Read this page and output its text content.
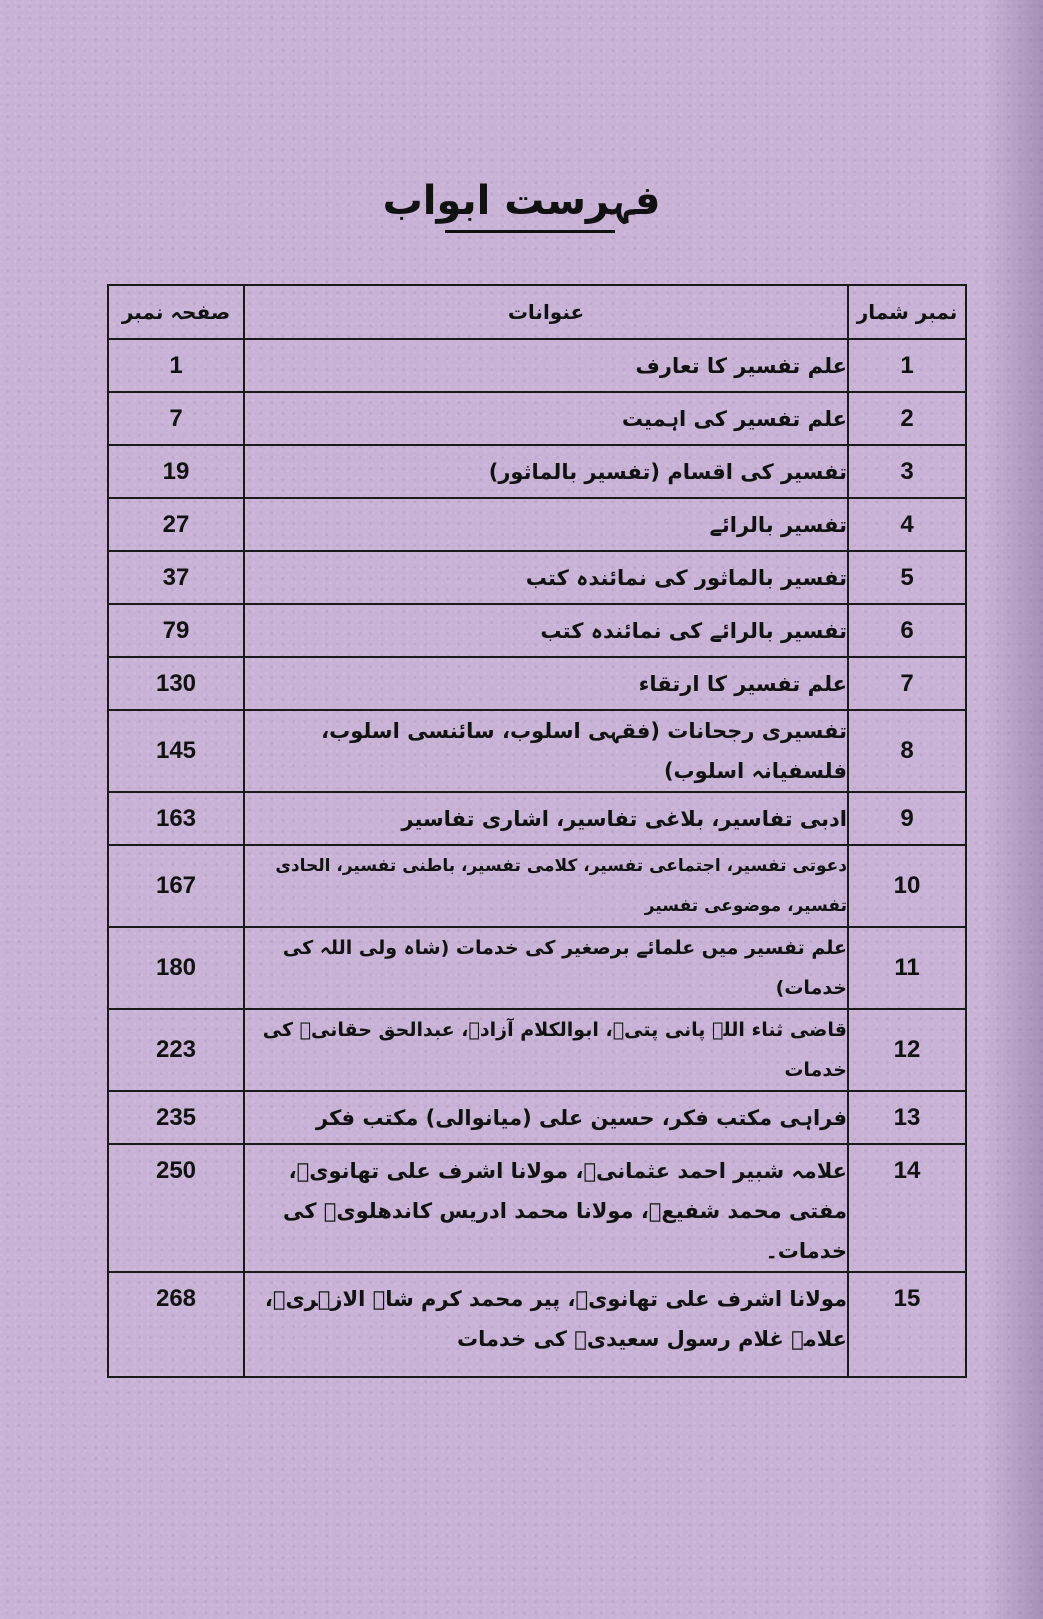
فہرست ابواب
نمبر شمار	عنوانات	صفحہ نمبر
1	علم تفسیر کا تعارف	1
2	علم تفسیر کی اہمیت	7
3	تفسیر کی اقسام (تفسیر بالماثور)	19
4	تفسیر بالرائے	27
5	تفسیر بالماثور کی نمائندہ کتب	37
6	تفسیر بالرائے کی نمائندہ کتب	79
7	علم تفسیر کا ارتقاء	130
8	تفسیری رجحانات (فقہی اسلوب، سائنسی اسلوب، فلسفیانہ اسلوب)	145
9	ادبی تفاسیر، بلاغی تفاسیر، اشاری تفاسیر	163
10	دعوتی تفسیر، اجتماعی تفسیر، کلامی تفسیر، باطنی تفسیر، الحادی تفسیر، موضوعی تفسیر	167
11	علم تفسیر میں علمائے برصغیر کی خدمات (شاہ ولی اللہ کی خدمات)	180
12	قاضی ثناء اللہ پانی پتیؒ، ابوالکلام آزادؒ، عبدالحق حقانیؒ کی خدمات	223
13	فراہی مکتب فکر، حسین علی (میانوالی) مکتب فکر	235
14	علامہ شبیر احمد عثمانیؒ، مولانا اشرف علی تھانویؒ، مفتی محمد شفیعؒ، مولانا محمد ادریس کاندھلویؒ کی خدمات۔	250
15	مولانا اشرف علی تھانویؒ، پیر محمد کرم شاہ الازہریؒ، علامہ غلام رسول سعیدیؒ کی خدمات	268
